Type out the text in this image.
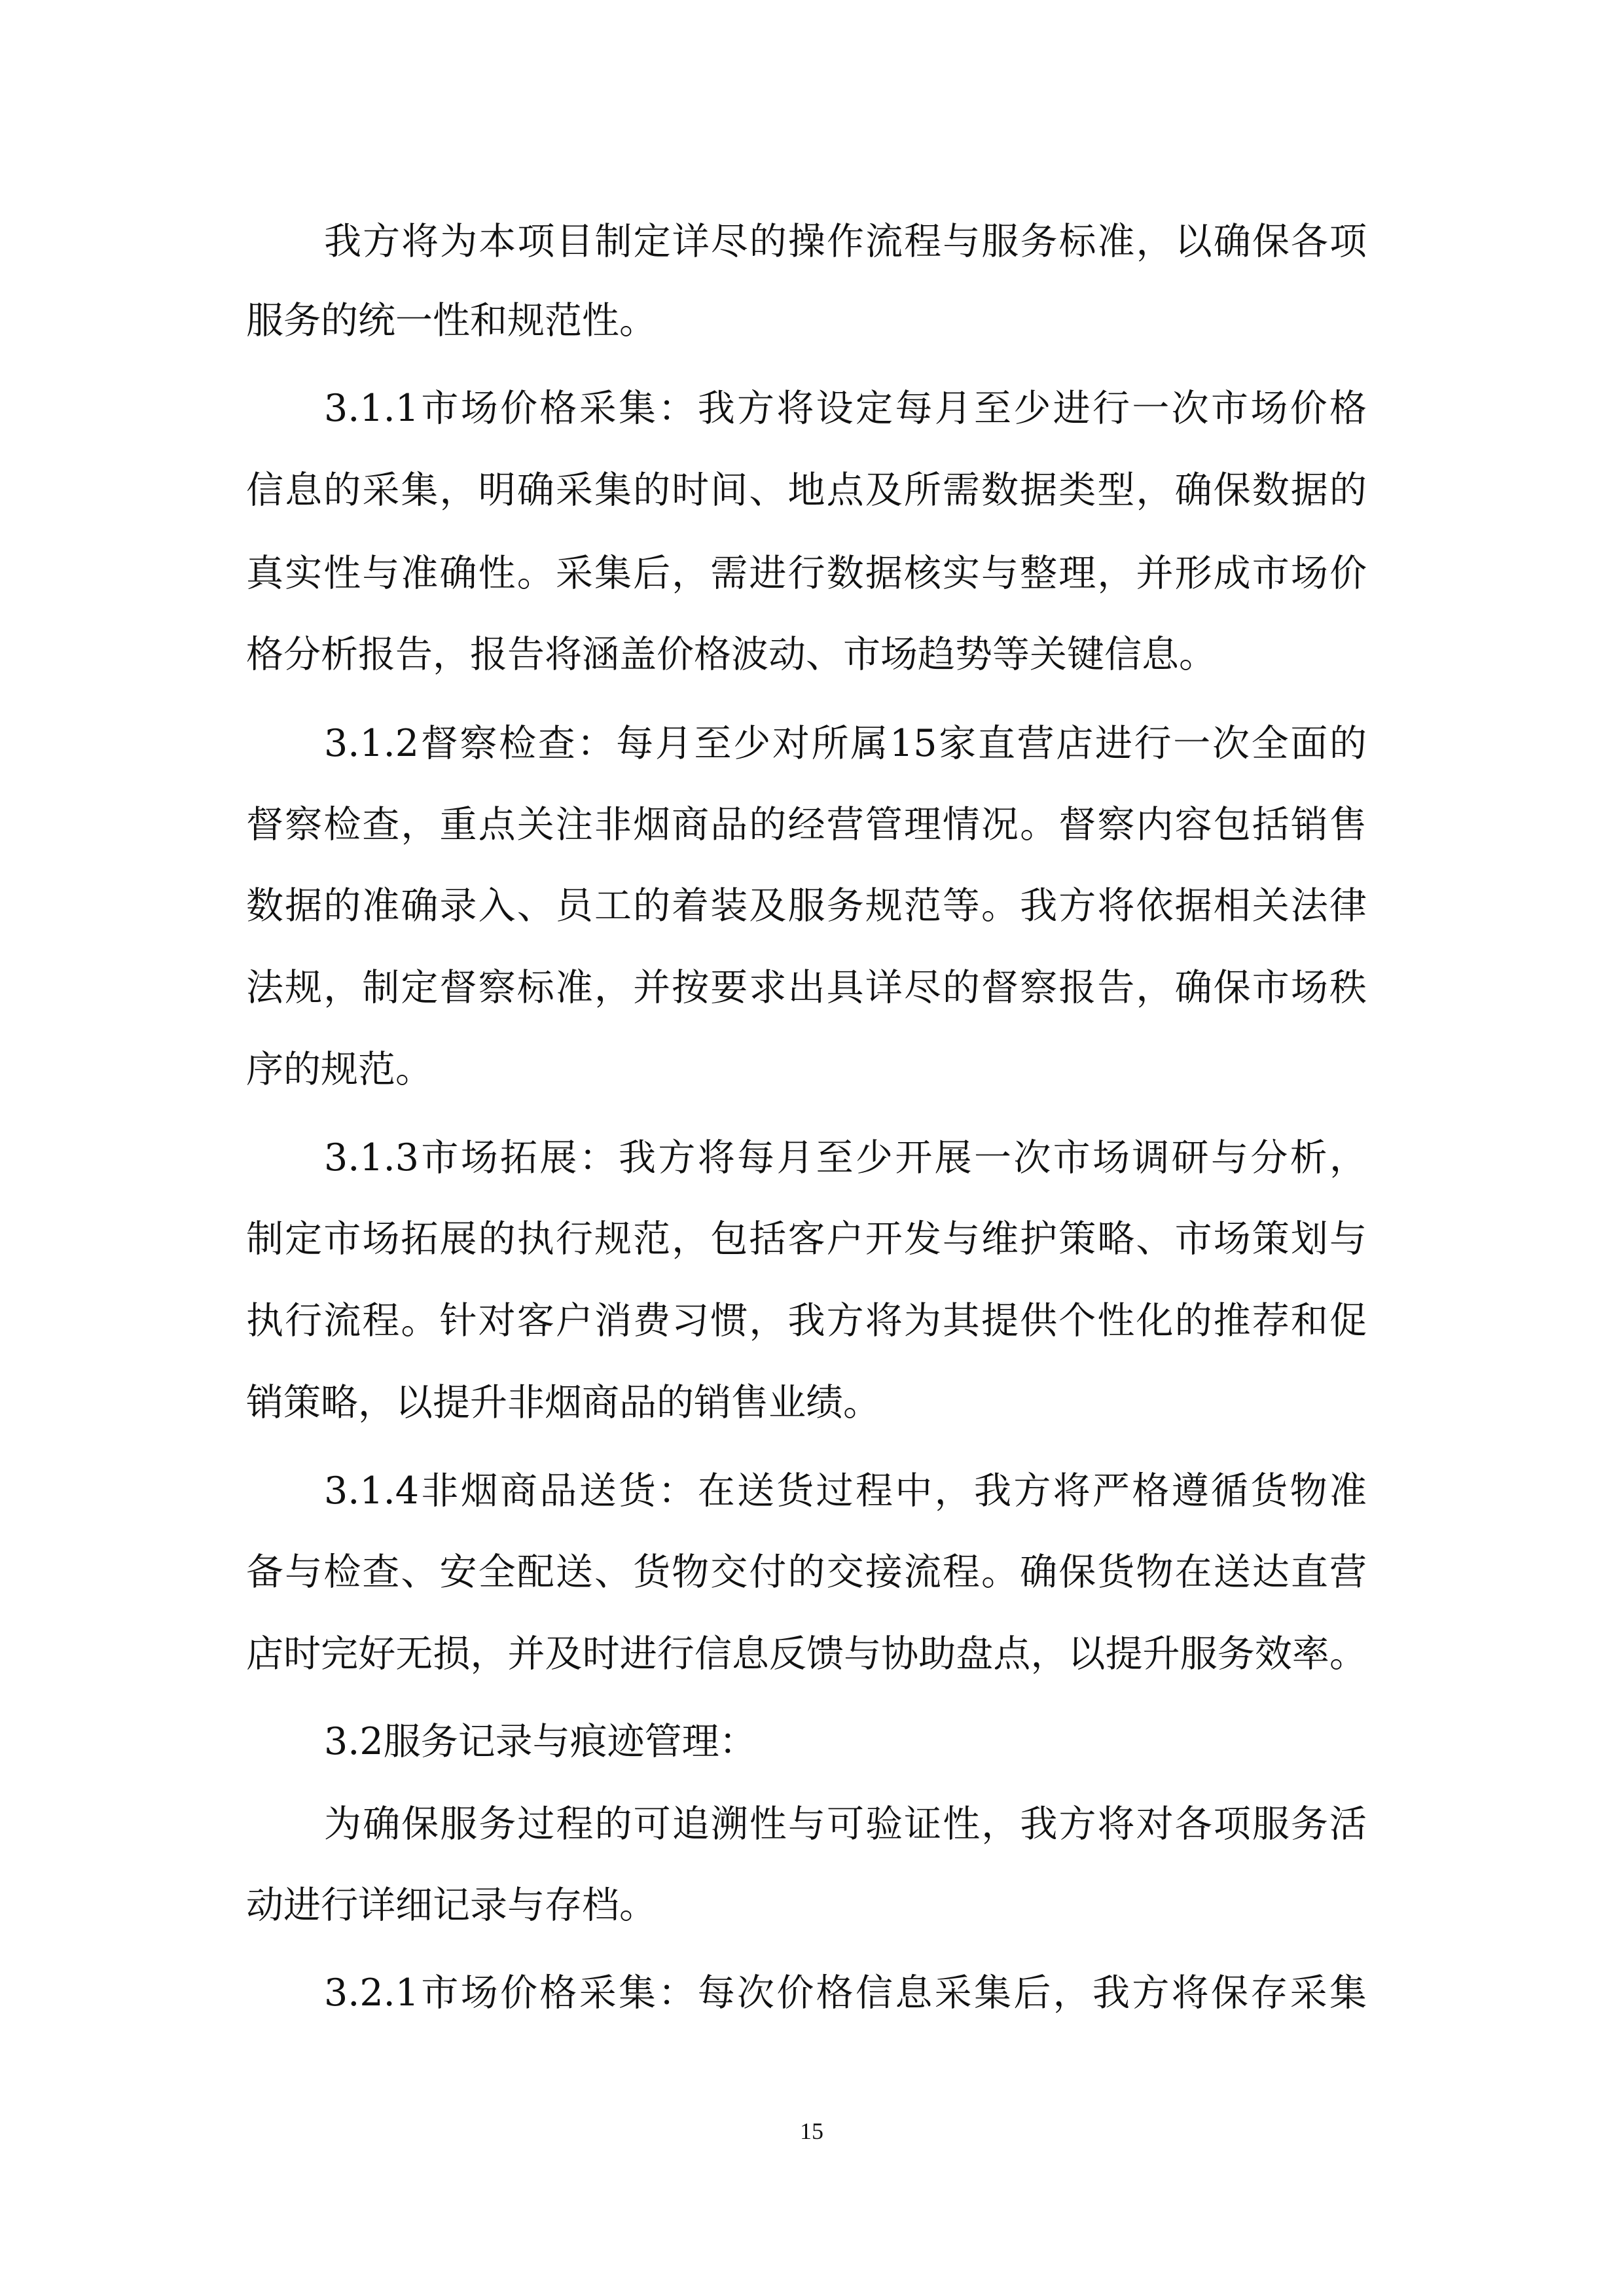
我方将为本项目制定详尽的操作流程与服务标准，以确保各项

服务的统一性和规范性。

3.1.1市场价格采集：我方将设定每月至少进行一次市场价格

信息的采集，明确采集的时间、地点及所需数据类型，确保数据的

真实性与准确性。采集后，需进行数据核实与整理，并形成市场价

格分析报告，报告将涵盖价格波动、市场趋势等关键信息。

3.1.2督察检查：每月至少对所属15家直营店进行一次全面的

督察检查，重点关注非烟商品的经营管理情况。督察内容包括销售

数据的准确录入、员工的着装及服务规范等。我方将依据相关法律

法规，制定督察标准，并按要求出具详尽的督察报告，确保市场秩

序的规范。

3.1.3市场拓展：我方将每月至少开展一次市场调研与分析，

制定市场拓展的执行规范，包括客户开发与维护策略、市场策划与

执行流程。针对客户消费习惯，我方将为其提供个性化的推荐和促

销策略，以提升非烟商品的销售业绩。

3.1.4非烟商品送货：在送货过程中，我方将严格遵循货物准

备与检查、安全配送、货物交付的交接流程。确保货物在送达直营

店时完好无损，并及时进行信息反馈与协助盘点，以提升服务效率。

3.2服务记录与痕迹管理：

为确保服务过程的可追溯性与可验证性，我方将对各项服务活

动进行详细记录与存档。

3.2.1市场价格采集：每次价格信息采集后，我方将保存采集

15
